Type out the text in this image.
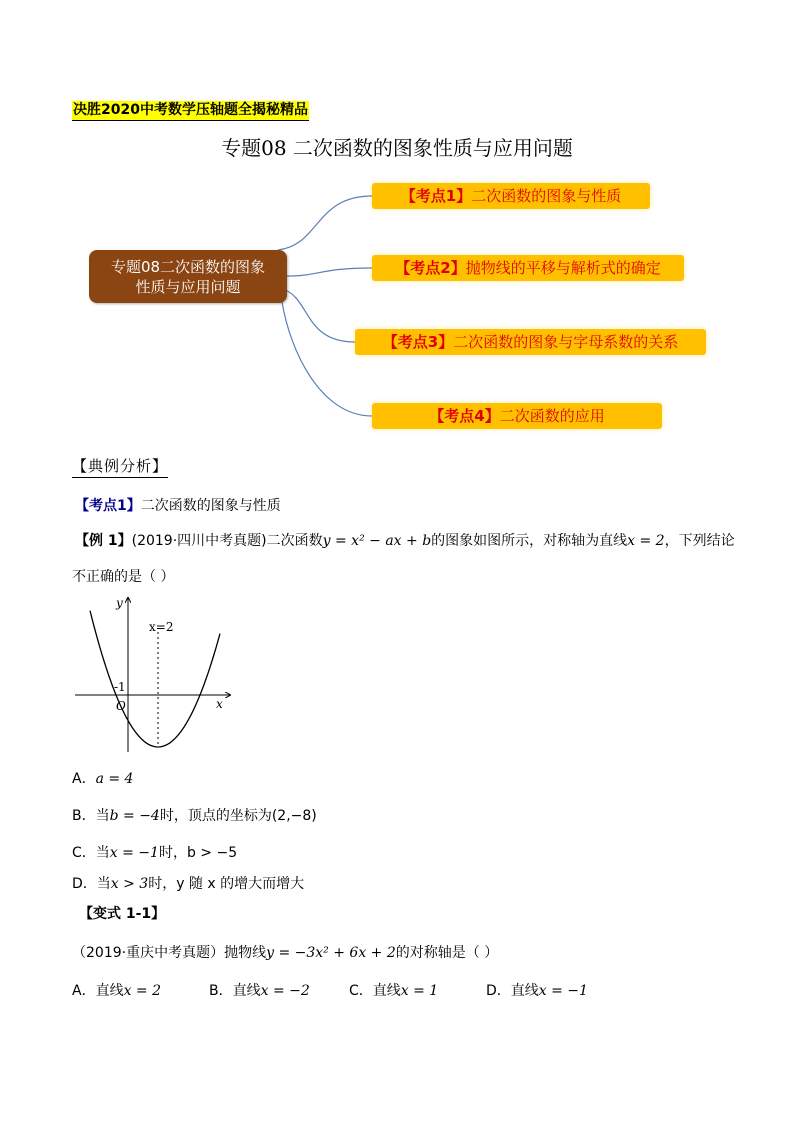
决胜2020中考数学压轴题全揭秘精品
专题08 二次函数的图象性质与应用问题
专题08二次函数的图象
性质与应用问题
【考点1】二次函数的图象与性质
【考点2】抛物线的平移与解析式的确定
【考点3】二次函数的图象与字母系数的关系
【考点4】二次函数的应用
【典例分析】
【考点1】二次函数的图象与性质
【例 1】(2019·四川中考真题)二次函数y = x² − ax + b的图象如图所示，对称轴为直线x = 2，下列结论
不正确的是（ ）
y
x
O
-1
x=2
A．a = 4
B．当b = −4时，顶点的坐标为(2,−8)
C．当x = −1时，b > −5
D．当x > 3时，y 随 x 的增大而增大
【变式 1-1】
（2019·重庆中考真题）抛物线y = −3x² + 6x + 2的对称轴是（ ）
A．直线x = 2	B．直线x = −2	C．直线x = 1	D．直线x = −1
